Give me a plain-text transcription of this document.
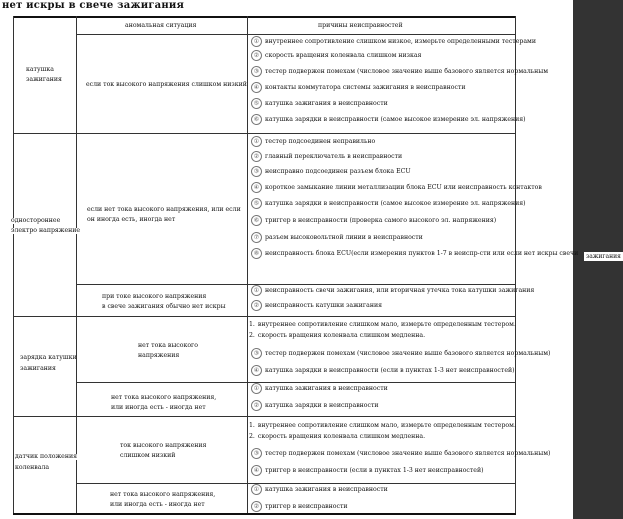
нет искры в свече зажигания
аномальная ситуация	причины неисправностей
катушка
зажигания
одностороннее
электро напряжение
зарядка катушки
зажигания
датчик положения
коленвала
если ток высокого напряжения слишком низкий
если нет тока высокого напряжения, или если
он иногда есть, иногда нет
при токе высокого напряжения
в свече зажигания обычно нет искры
нет тока высокого
напряжения
нет тока высокого напряжения,
или иногда есть - иногда нет
ток высокого напряжения
слишком низкий
нет тока высокого напряжения,
или иногда есть - иногда нет
① внутреннее сопротивление слишком низкое, измерьте определенными тестерами
② скорость вращения коленвала слишком низкая
③ тестер подвержен помехам (числовое значение выше базового является нормальным
④ контакты коммутатора системы зажигания в неисправности
⑤ катушка зажигания в неисправности
⑥ катушка зарядки в неисправности (самое высокое измерение эл. напряжения)
① тестер подсоединен неправильно
② главный переключатель в неисправности
③ неисправно подсоединен разъем блока ECU
④ короткое замыкание линии металлизации блока ECU или неисправность контактов
⑤ катушка зарядки в неисправности (самое высокое измерение эл. напряжения)
⑥ триггер в неисправности (проверка самого высокого эл. напряжения)
⑦ разъем высоковольтной линии в неисправности
⑧ неисправность блока ECU(если измерения пунктов 1-7 в неиспр-сти или если нет искры свечи
① неисправность свечи зажигания, или вторичная утечка тока катушки зажигания
② неисправность катушки зажигания
1. внутреннее сопротивление слишком мало, измерьте определенным тестером.
2. скорость вращения коленвала слишком медленна.
③ тестер подвержен помехам (числовое значение выше базового является нормальным)
④ катушка зарядки в неисправности (если в пунктах 1-3 нет неисправностей)
① катушка зажигания в неисправности
② катушка зарядки в неисправности
1. внутреннее сопротивление слишком мало, измерьте определенным тестером.
2. скорость вращения коленвала слишком медленна.
③ тестер подвержен помехам (числовое значение выше базового является нормальным)
④ триггер в неисправности (если в пунктах 1-3 нет неисправностей)
① катушка зажигания в неисправности
② триггер в неисправности
зажигания
